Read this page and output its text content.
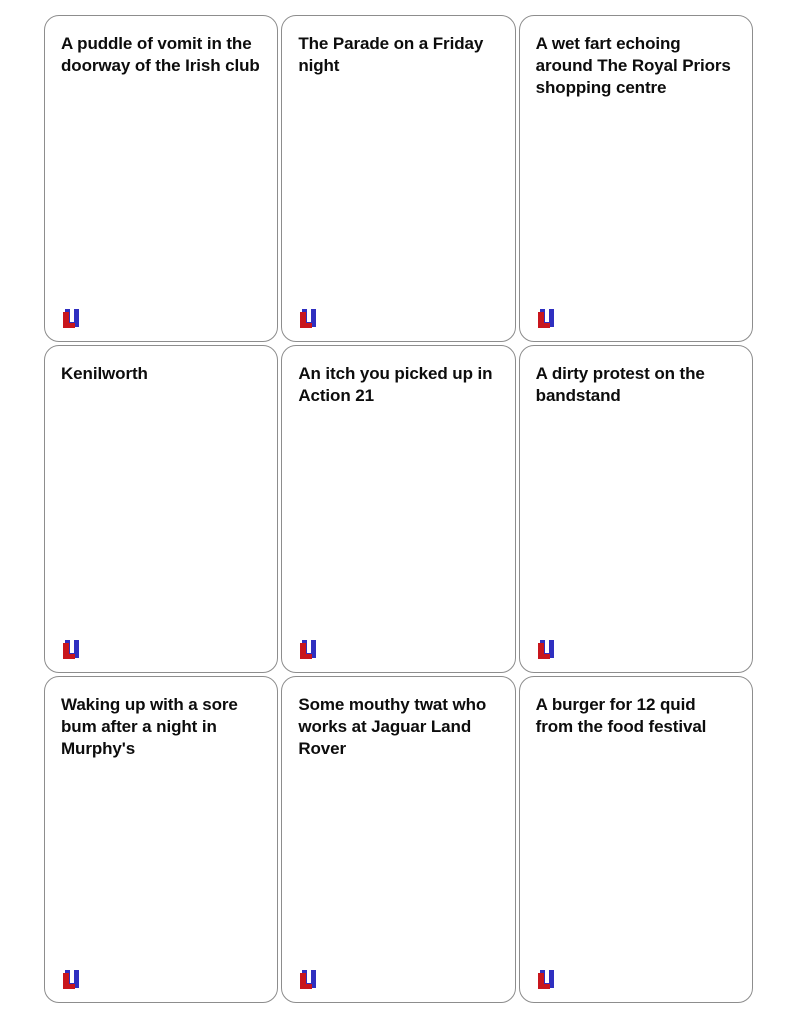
A puddle of vomit in the doorway of the Irish club
The Parade on a Friday night
A wet fart echoing around The Royal Priors shopping centre
Kenilworth	An itch you picked up in Action 21
A dirty protest on the bandstand
Waking up with a sore bum after a night in Murphy's
Some mouthy twat who works at Jaguar Land Rover
A burger for 12 quid from the food festival
